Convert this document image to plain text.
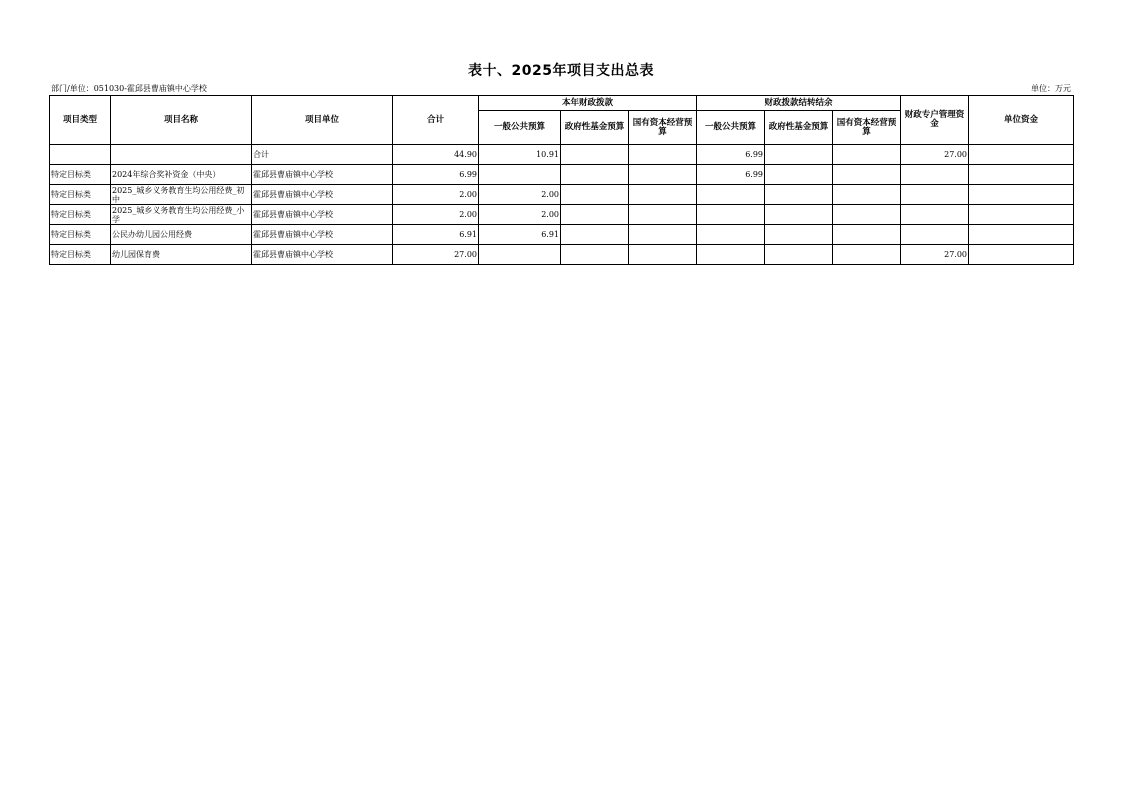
表十、2025年项目支出总表
部门/单位：051030-霍邱县曹庙镇中心学校	单位：万元
项目类型	项目名称	项目单位	合计	本年财政拨款			财政拨款结转结余			财政专户管理资金	单位资金
				一般公共预算	政府性基金预算	国有资本经营预算	一般公共预算	政府性基金预算	国有资本经营预算		
		合计	44.90	10.91			6.99			27.00	
特定目标类	2024年综合奖补资金（中央）	霍邱县曹庙镇中心学校	6.99				6.99				
特定目标类	2025_城乡义务教育生均公用经费_初中	霍邱县曹庙镇中心学校	2.00	2.00							
特定目标类	2025_城乡义务教育生均公用经费_小学	霍邱县曹庙镇中心学校	2.00	2.00							
特定目标类	公民办幼儿园公用经费	霍邱县曹庙镇中心学校	6.91	6.91							
特定目标类	幼儿园保育费	霍邱县曹庙镇中心学校	27.00							27.00	
